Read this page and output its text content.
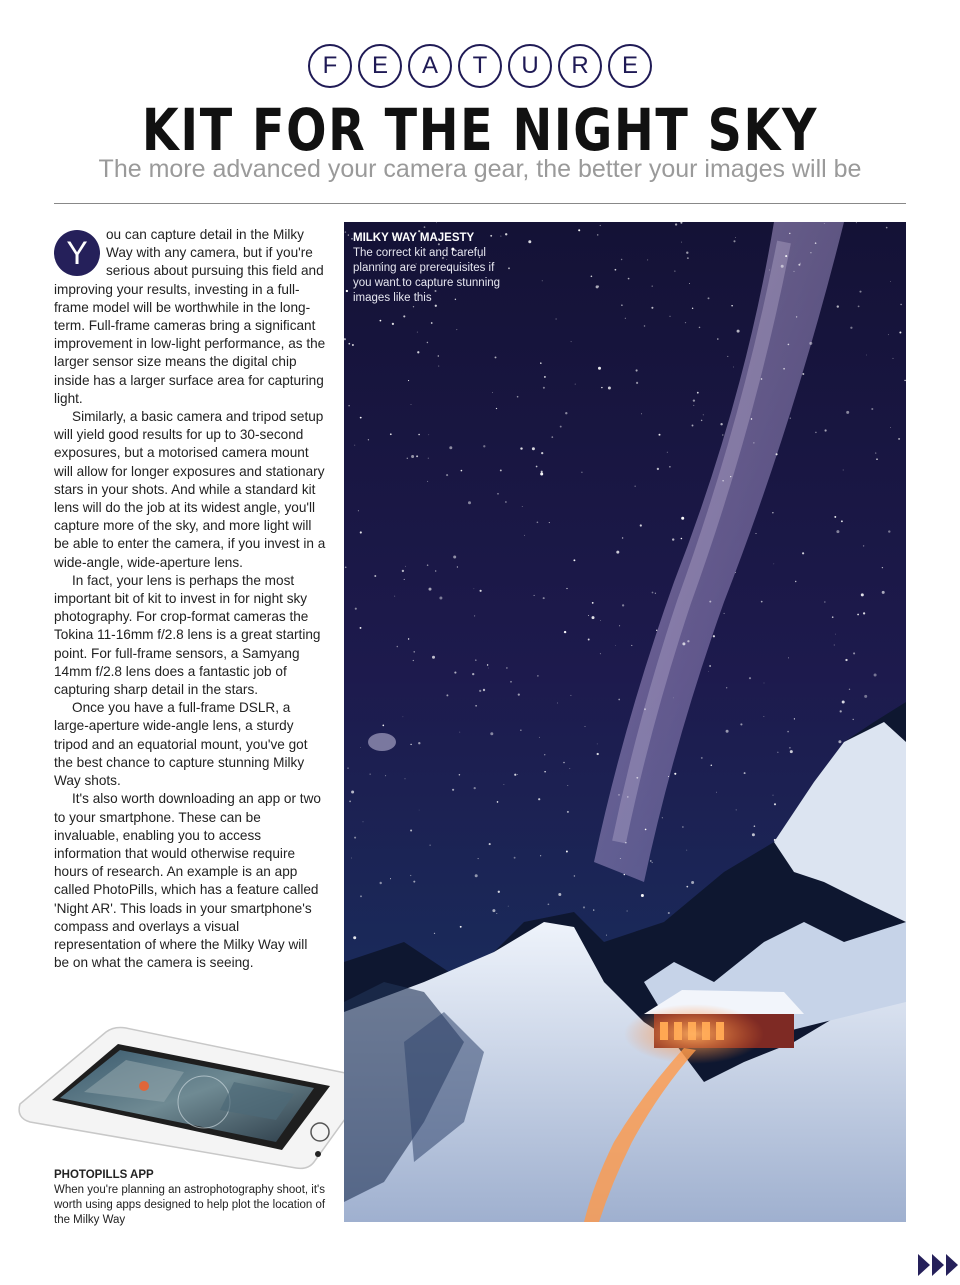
F	E	A	T	U	R	E
KIT FOR THE NIGHT SKY
The more advanced your camera gear, the better your images will be

Y
ou can capture detail in the Milky Way with any camera, but if you're serious about pursuing this field and improving your results, investing in a full-frame model will be worthwhile in the long-term. Full-frame cameras bring a significant improvement in low-light performance, as the larger sensor size means the digital chip inside has a larger surface area for capturing light.

Similarly, a basic camera and tripod setup will yield good results for up to 30-second exposures, but a motorised camera mount will allow for longer exposures and stationary stars in your shots. And while a standard kit lens will do the job at its widest angle, you'll capture more of the sky, and more light will be able to enter the camera, if you invest in a wide-angle, wide-aperture lens.

In fact, your lens is perhaps the most important bit of kit to invest in for night sky photography. For crop-format cameras the Tokina 11-16mm f/2.8 lens is a great starting point. For full-frame sensors, a Samyang 14mm f/2.8 lens does a fantastic job of capturing sharp detail in the stars.

Once you have a full-frame DSLR, a large-aperture wide-angle lens, a sturdy tripod and an equatorial mount, you've got the best chance to capture stunning Milky Way shots.

It's also worth downloading an app or two to your smartphone. These can be invaluable, enabling you to access information that would otherwise require hours of research. An example is an app called PhotoPills, which has a feature called 'Night AR'. This loads in your smartphone's compass and overlays a visual representation of where the Milky Way will be on what the camera is seeing.

PHOTOPILLS APP
When you're planning an astrophotography shoot, it's worth using apps designed to help plot the location of the Milky Way
MILKY WAY MAJESTY
The correct kit and careful planning are prerequisites if you want to capture stunning images like this
